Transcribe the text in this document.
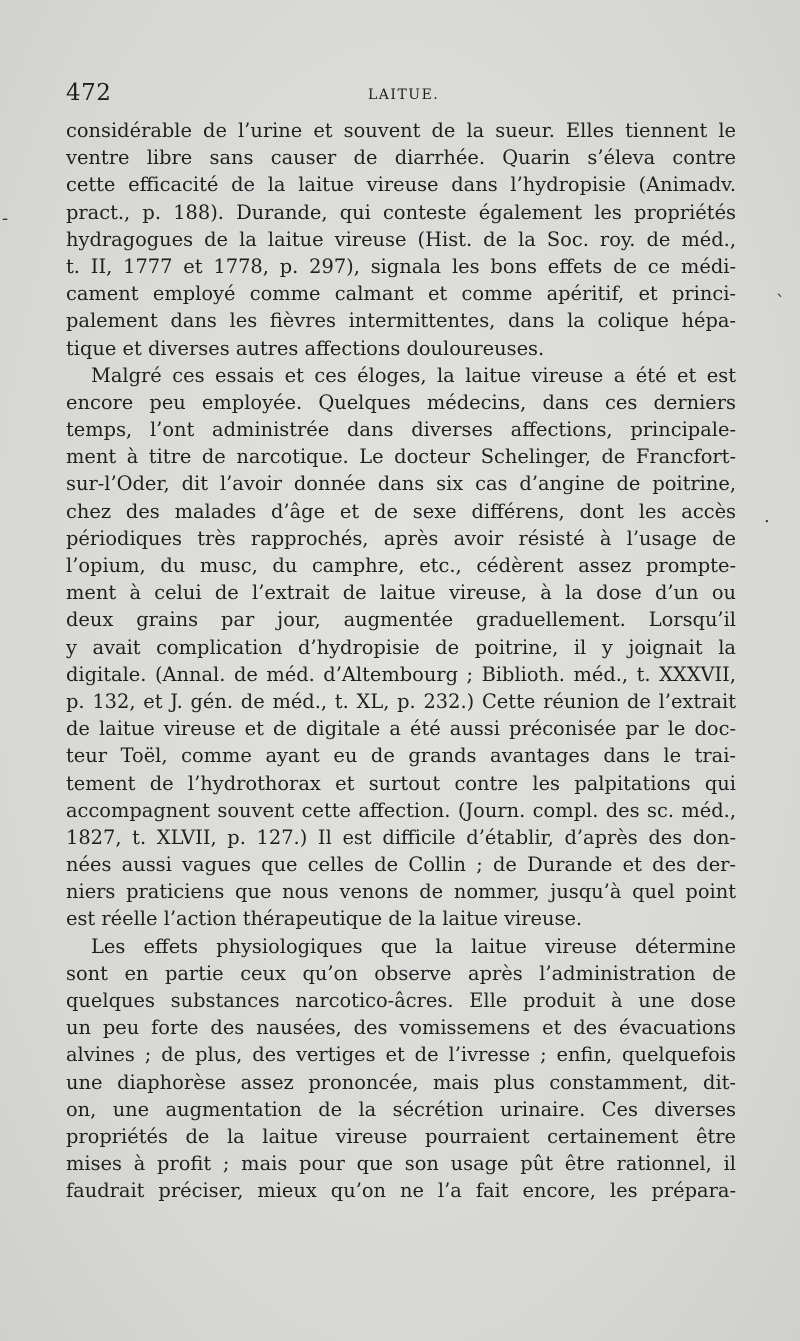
472	LAITUE.
considérable de l’urine et souvent de la sueur. Elles tiennent le
ventre libre sans causer de diarrhée. Quarin s’éleva contre
cette efficacité de la laitue vireuse dans l’hydropisie (Animadv.
pract., p. 188). Durande, qui conteste également les propriétés
hydragogues de la laitue vireuse (Hist. de la Soc. roy. de méd.,
t. II, 1777 et 1778, p. 297), signala les bons effets de ce médi-
cament employé comme calmant et comme apéritif, et princi-
palement dans les fièvres intermittentes, dans la colique hépa-
tique et diverses autres affections douloureuses.
Malgré ces essais et ces éloges, la laitue vireuse a été et est
encore peu employée. Quelques médecins, dans ces derniers
temps, l’ont administrée dans diverses affections, principale-
ment à titre de narcotique. Le docteur Schelinger, de Francfort-
sur-l’Oder, dit l’avoir donnée dans six cas d’angine de poitrine,
chez des malades d’âge et de sexe différens, dont les accès
périodiques très rapprochés, après avoir résisté à l’usage de
l’opium, du musc, du camphre, etc., cédèrent assez prompte-
ment à celui de l’extrait de laitue vireuse, à la dose d’un ou
deux grains par jour, augmentée graduellement. Lorsqu’il
y avait complication d’hydropisie de poitrine, il y joignait la
digitale. (Annal. de méd. d’Altembourg ; Biblioth. méd., t. XXXVII,
p. 132, et J. gén. de méd., t. XL, p. 232.) Cette réunion de l’extrait
de laitue vireuse et de digitale a été aussi préconisée par le doc-
teur Toël, comme ayant eu de grands avantages dans le trai-
tement de l’hydrothorax et surtout contre les palpitations qui
accompagnent souvent cette affection. (Journ. compl. des sc. méd.,
1827, t. XLVII, p. 127.) Il est difficile d’établir, d’après des don-
nées aussi vagues que celles de Collin ; de Durande et des der-
niers praticiens que nous venons de nommer, jusqu’à quel point
est réelle l’action thérapeutique de la laitue vireuse.
Les effets physiologiques que la laitue vireuse détermine
sont en partie ceux qu’on observe après l’administration de
quelques substances narcotico-âcres. Elle produit à une dose
un peu forte des nausées, des vomissemens et des évacuations
alvines ; de plus, des vertiges et de l’ivresse ; enfin, quelquefois
une diaphorèse assez prononcée, mais plus constamment, dit-
on, une augmentation de la sécrétion urinaire. Ces diverses
propriétés de la laitue vireuse pourraient certainement être
mises à profit ; mais pour que son usage pût être rationnel, il
faudrait préciser, mieux qu’on ne l’a fait encore, les prépara-
-
`
.
